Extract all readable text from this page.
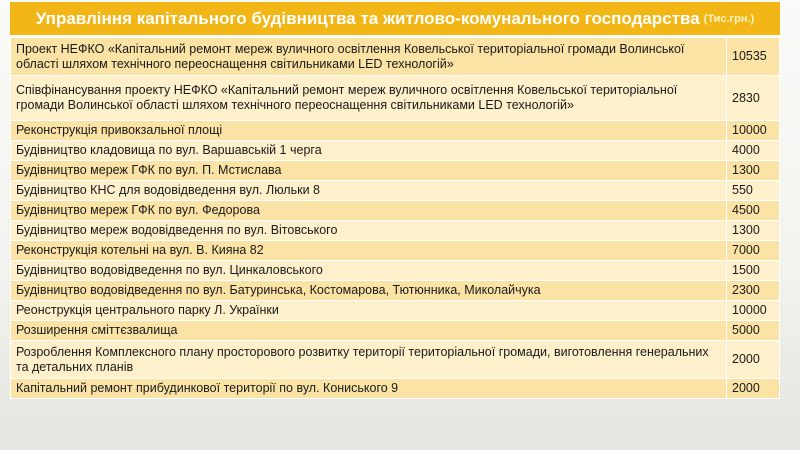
Управління капітального будівництва та житлово-комунального господарства (Тис.грн.)
Проект НЕФКО «Капітальний ремонт мереж вуличного освітлення Ковельської територіальної громади Волинської області шляхом технічного переоснащення світильниками LED технологій»	10535
Співфінансування проекту НЕФКО «Капітальний ремонт мереж вуличного освітлення Ковельської територіальної громади Волинської області шляхом технічного переоснащення світильниками LED технологій»	2830
Реконструкція привокзальної площі	10000
Будівництво кладовища по вул. Варшавській 1 черга	4000
Будівництво мереж ГФК по вул. П. Мстислава	1300
Будівництво КНС для водовідведення вул. Люльки 8	550
Будівництво мереж ГФК по вул. Федорова	4500
Будівництво мереж водовідведення по вул. Вітовського	1300
Реконструкція котельні на вул. В. Кияна 82	7000
Будівництво водовідведення по вул. Цинкаловського	1500
Будівництво водовідведення по вул. Батуринська, Костомарова, Тютюнника, Миколайчука	2300
Реонструкція центрального парку Л. Українки	10000
Розширення сміттєзвалища	5000
Розроблення Комплексного плану просторового розвитку території територіальної громади, виготовлення генеральних та детальних планів	2000
Капітальний ремонт прибудинкової території по вул. Кониського 9	2000
